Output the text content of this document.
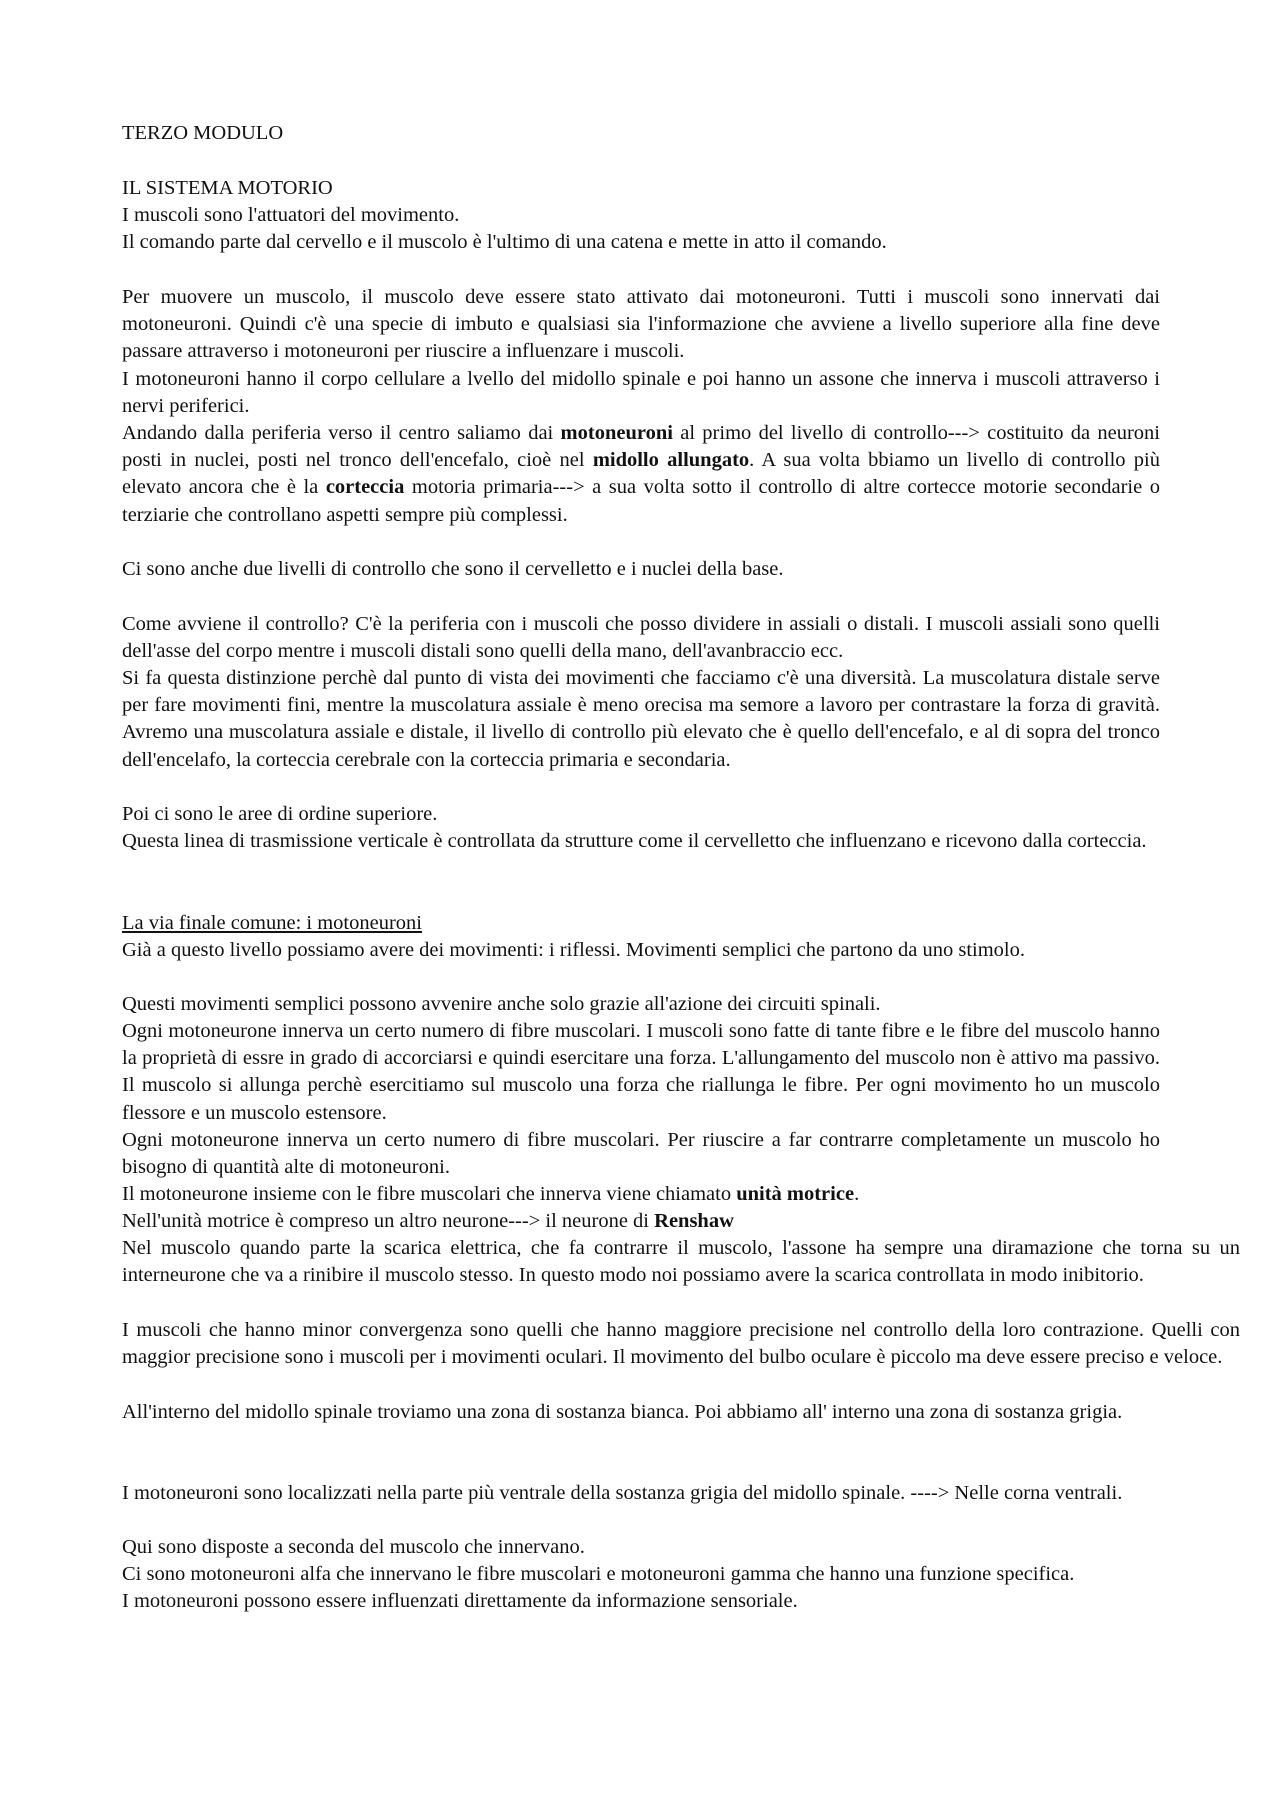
TERZO MODULO

IL SISTEMA MOTORIO

I muscoli sono l'attuatori del movimento.

Il comando parte dal cervello e il muscolo è l'ultimo di una catena e mette in atto il comando.

Per muovere un muscolo, il muscolo deve essere stato attivato dai motoneuroni. Tutti i muscoli sono innervati dai motoneuroni. Quindi c'è una specie di imbuto e qualsiasi sia l'informazione che avviene a livello superiore alla fine deve passare attraverso i motoneuroni per riuscire a influenzare i muscoli.

I motoneuroni hanno il corpo cellulare a lvello del midollo spinale e poi hanno un assone che innerva i muscoli attraverso i nervi periferici.

Andando dalla periferia verso il centro saliamo dai motoneuroni al primo del livello di controllo---> costituito da neuroni posti in nuclei, posti nel tronco dell'encefalo, cioè nel midollo allungato. A sua volta bbiamo un livello di controllo più elevato ancora che è la corteccia motoria primaria---> a sua volta sotto il controllo di altre cortecce motorie secondarie o terziarie che controllano aspetti sempre più complessi.

Ci sono anche due livelli di controllo che sono il cervelletto e i nuclei della base.

Come avviene il controllo? C'è la periferia con i muscoli che posso dividere in assiali o distali. I muscoli assiali sono quelli dell'asse del corpo mentre i muscoli distali sono quelli della mano, dell'avanbraccio ecc.

Si fa questa distinzione perchè dal punto di vista dei movimenti che facciamo c'è una diversità. La muscolatura distale serve per fare movimenti fini, mentre la muscolatura assiale è meno orecisa ma semore a lavoro per contrastare la forza di gravità. Avremo una muscolatura assiale e distale, il livello di controllo più elevato che è quello dell'encefalo, e al di sopra del tronco dell'encelafo, la corteccia cerebrale con la corteccia primaria e secondaria.

Poi ci sono le aree di ordine superiore.

Questa linea di trasmissione verticale è controllata da strutture come il cervelletto che influenzano e ricevono dalla corteccia.

La via finale comune: i motoneuroni

Già a questo livello possiamo avere dei movimenti: i riflessi. Movimenti semplici che partono da uno stimolo.

Questi movimenti semplici possono avvenire anche solo grazie all'azione dei circuiti spinali.

Ogni motoneurone innerva un certo numero di fibre muscolari. I muscoli sono fatte di tante fibre e le fibre del muscolo hanno la proprietà di essre in grado di accorciarsi e quindi esercitare una forza. L'allungamento del muscolo non è attivo ma passivo. Il muscolo si allunga perchè esercitiamo sul muscolo una forza che riallunga le fibre. Per ogni movimento ho un muscolo flessore e un muscolo estensore.

Ogni motoneurone innerva un certo numero di fibre muscolari. Per riuscire a far contrarre completamente un muscolo ho bisogno di quantità alte di motoneuroni.

Il motoneurone insieme con le fibre muscolari che innerva viene chiamato unità motrice.

Nell'unità motrice è compreso un altro neurone---> il neurone di Renshaw

Nel muscolo quando parte la scarica elettrica, che fa contrarre il muscolo, l'assone ha sempre una diramazione che torna su un interneurone che va a rinibire il muscolo stesso. In questo modo noi possiamo avere la scarica controllata in modo inibitorio.

I muscoli che hanno minor convergenza sono quelli che hanno maggiore precisione nel controllo della loro contrazione. Quelli con maggior precisione sono i muscoli per i movimenti oculari. Il movimento del bulbo oculare è piccolo ma deve essere preciso e veloce.

All'interno del midollo spinale troviamo una zona di sostanza bianca. Poi abbiamo all' interno una zona di sostanza grigia.

I motoneuroni sono localizzati nella parte più ventrale della sostanza grigia del midollo spinale. ----> Nelle corna ventrali.

Qui sono disposte a seconda del muscolo che innervano.

Ci sono motoneuroni alfa che innervano le fibre muscolari e motoneuroni gamma che hanno una funzione specifica.

I motoneuroni possono essere influenzati direttamente da informazione sensoriale.
